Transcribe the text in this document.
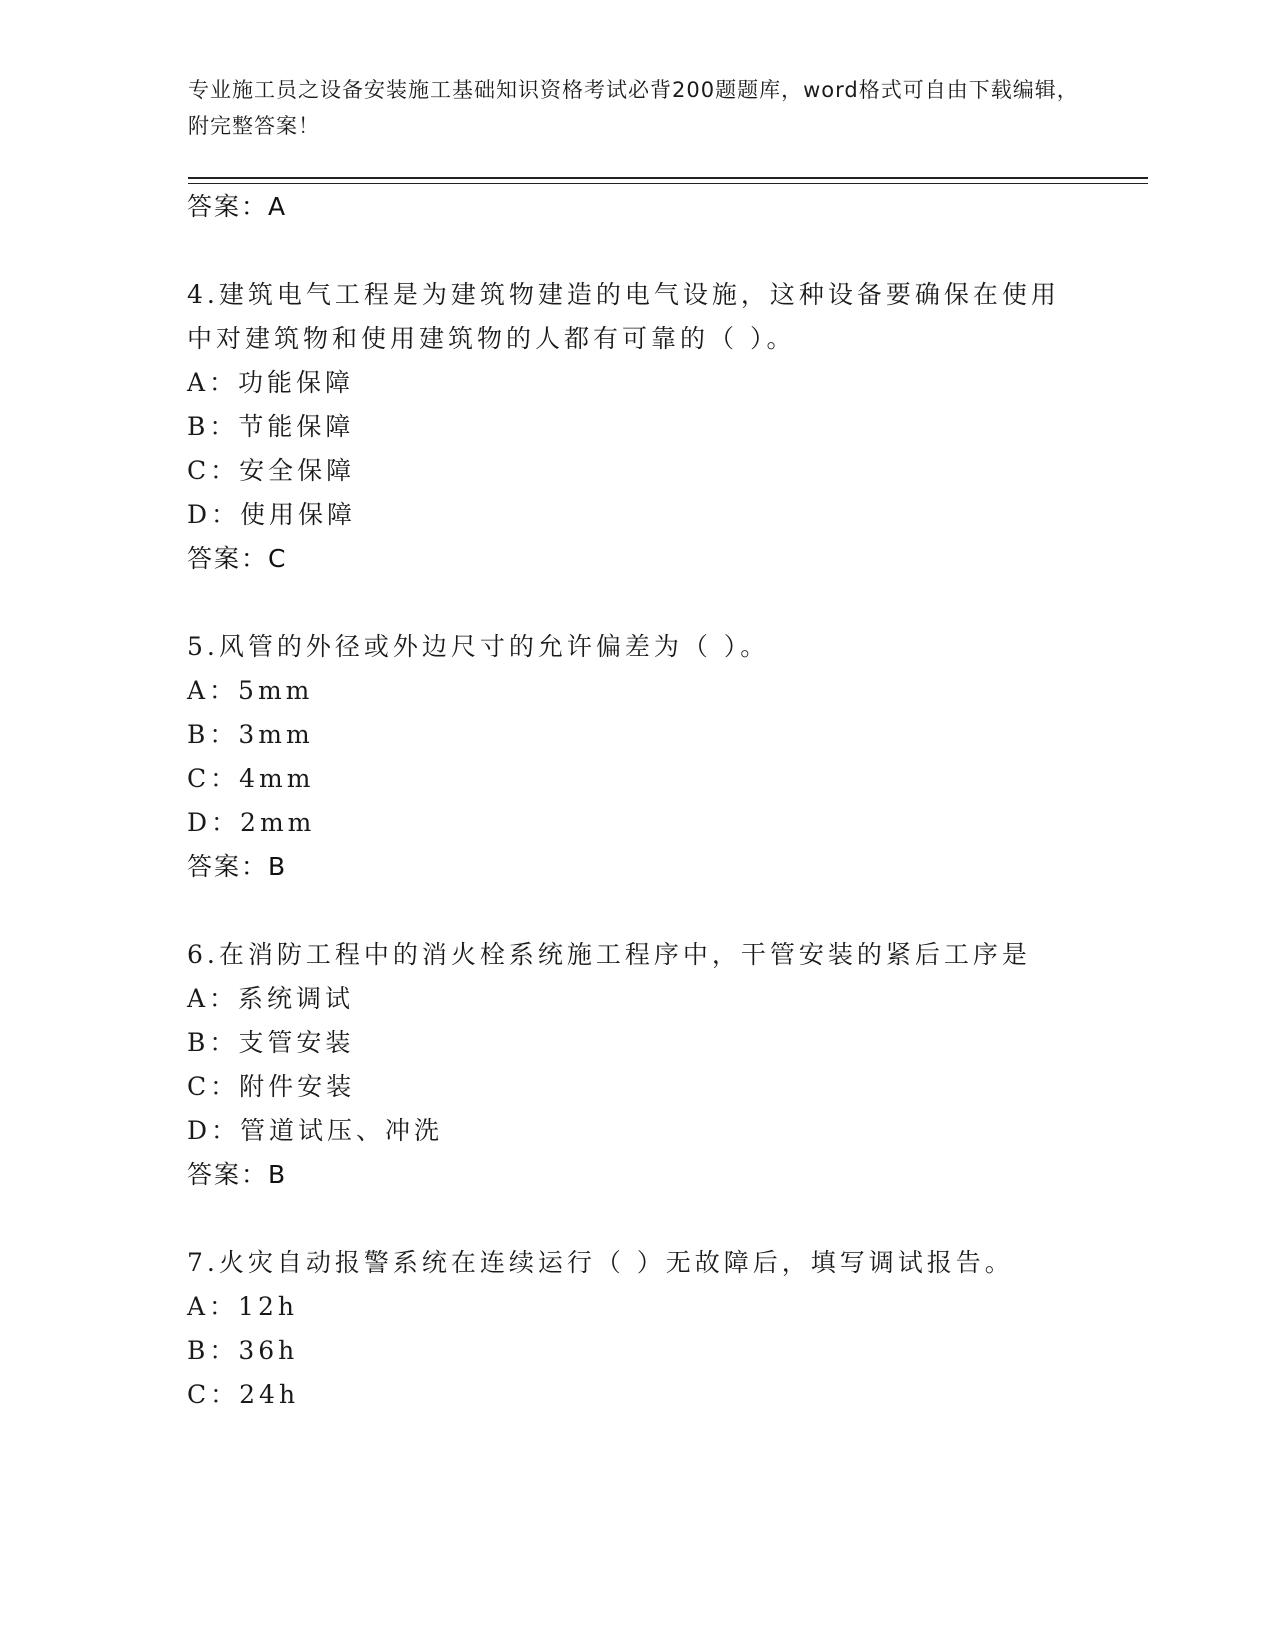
专业施工员之设备安装施工基础知识资格考试必背200题题库，word格式可自由下载编辑，附完整答案！
答案：A
4.建筑电气工程是为建筑物建造的电气设施，这种设备要确保在使用
中对建筑物和使用建筑物的人都有可靠的（ ）。
A：功能保障
B：节能保障
C：安全保障
D：使用保障
答案：C
5.风管的外径或外边尺寸的允许偏差为（ ）。
A：5mm
B：3mm
C：4mm
D：2mm
答案：B
6.在消防工程中的消火栓系统施工程序中，干管安装的紧后工序是
A：系统调试
B：支管安装
C：附件安装
D：管道试压、冲洗
答案：B
7.火灾自动报警系统在连续运行（ ）无故障后，填写调试报告。
A：12h
B：36h
C：24h
